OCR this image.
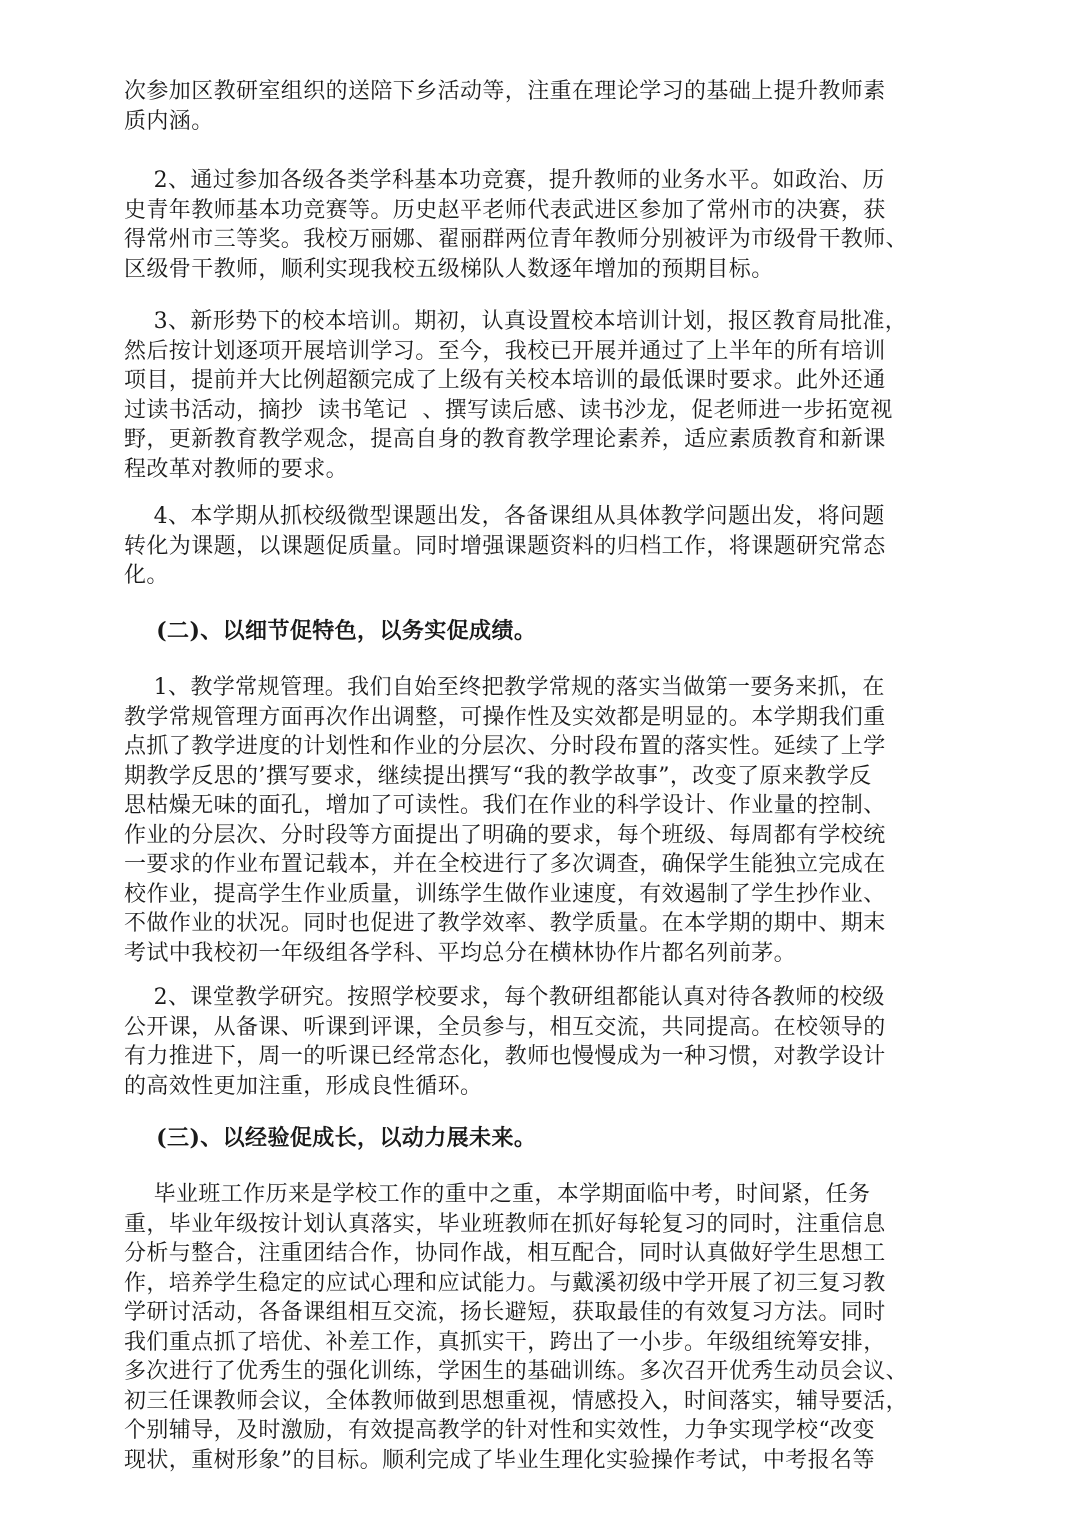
次参加区教研室组织的送陪下乡活动等，注重在理论学习的基础上提升教师素
质内涵。
2、通过参加各级各类学科基本功竞赛，提升教师的业务水平。如政治、历
史青年教师基本功竞赛等。历史赵平老师代表武进区参加了常州市的决赛，获
得常州市三等奖。我校万丽娜、翟丽群两位青年教师分别被评为市级骨干教师、
区级骨干教师，顺利实现我校五级梯队人数逐年增加的预期目标。
3、新形势下的校本培训。期初，认真设置校本培训计划，报区教育局批准，
然后按计划逐项开展培训学习。至今，我校已开展并通过了上半年的所有培训
项目，提前并大比例超额完成了上级有关校本培训的最低课时要求。此外还通
过读书活动，摘抄  读书笔记  、撰写读后感、读书沙龙，促老师进一步拓宽视
野，更新教育教学观念，提高自身的教育教学理论素养，适应素质教育和新课
程改革对教师的要求。
4、本学期从抓校级微型课题出发，各备课组从具体教学问题出发，将问题
转化为课题，以课题促质量。同时增强课题资料的归档工作，将课题研究常态
化。
(二)、以细节促特色，以务实促成绩。
1、教学常规管理。我们自始至终把教学常规的落实当做第一要务来抓，在
教学常规管理方面再次作出调整，可操作性及实效都是明显的。本学期我们重
点抓了教学进度的计划性和作业的分层次、分时段布置的落实性。延续了上学
期教学反思的’撰写要求，继续提出撰写“我的教学故事”，改变了原来教学反
思枯燥无味的面孔，增加了可读性。我们在作业的科学设计、作业量的控制、
作业的分层次、分时段等方面提出了明确的要求，每个班级、每周都有学校统
一要求的作业布置记载本，并在全校进行了多次调查，确保学生能独立完成在
校作业，提高学生作业质量，训练学生做作业速度，有效遏制了学生抄作业、
不做作业的状况。同时也促进了教学效率、教学质量。在本学期的期中、期末
考试中我校初一年级组各学科、平均总分在横林协作片都名列前茅。
2、课堂教学研究。按照学校要求，每个教研组都能认真对待各教师的校级
公开课，从备课、听课到评课，全员参与，相互交流，共同提高。在校领导的
有力推进下，周一的听课已经常态化，教师也慢慢成为一种习惯，对教学设计
的高效性更加注重，形成良性循环。
(三)、以经验促成长，以动力展未来。
毕业班工作历来是学校工作的重中之重，本学期面临中考，时间紧，任务
重，毕业年级按计划认真落实，毕业班教师在抓好每轮复习的同时，注重信息
分析与整合，注重团结合作，协同作战，相互配合，同时认真做好学生思想工
作，培养学生稳定的应试心理和应试能力。与戴溪初级中学开展了初三复习教
学研讨活动，各备课组相互交流，扬长避短，获取最佳的有效复习方法。同时
我们重点抓了培优、补差工作，真抓实干，跨出了一小步。年级组统筹安排，
多次进行了优秀生的强化训练，学困生的基础训练。多次召开优秀生动员会议、
初三任课教师会议，全体教师做到思想重视，情感投入，时间落实，辅导要活，
个别辅导，及时激励，有效提高教学的针对性和实效性，力争实现学校“改变
现状，重树形象”的目标。顺利完成了毕业生理化实验操作考试，中考报名等
